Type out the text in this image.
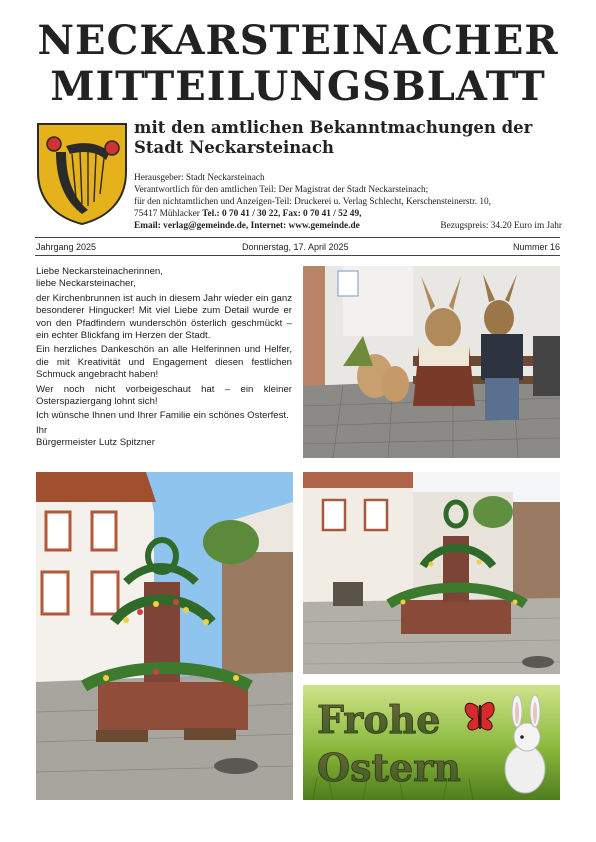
NECKARSTEINACHER
MITTEILUNGSBLATT
mit den amtlichen Bekanntmachungen der
Stadt Neckarsteinach
Herausgeber: Stadt Neckarsteinach
Verantwortlich für den amtlichen Teil: Der Magistrat der Stadt Neckarsteinach;
für den nichtamtlichen und Anzeigen-Teil: Druckerei u. Verlag Schlecht, Kerschensteinerstr. 10,
75417 Mühlacker Tel.: 0 70 41 / 30 22, Fax: 0 70 41 / 52 49,
Email: verlag@gemeinde.de, Internet: www.gemeinde.de	Bezugspreis: 34.20 Euro im Jahr
Jahrgang 2025	Donnerstag, 17. April 2025	Nummer 16
Liebe Neckarsteinacherinnen,
liebe Neckarsteinacher,

der Kirchenbrunnen ist auch in diesem Jahr wieder ein ganz besonderer Hingucker! Mit viel Liebe zum Detail wurde er von den Pfadfindern wunderschön österlich geschmückt – ein echter Blickfang im Herzen der Stadt.

Ein herzliches Dankeschön an alle Helferinnen und Helfer, die mit Kreativität und Engagement diesen festlichen Schmuck angebracht haben!

Wer noch nicht vorbeigeschaut hat – ein kleiner Osterspaziergang lohnt sich!

Ich wünsche Ihnen und Ihrer Familie ein schönes Osterfest.

Ihr
Bürgermeister Lutz Spitzner
Frohe
Ostern
